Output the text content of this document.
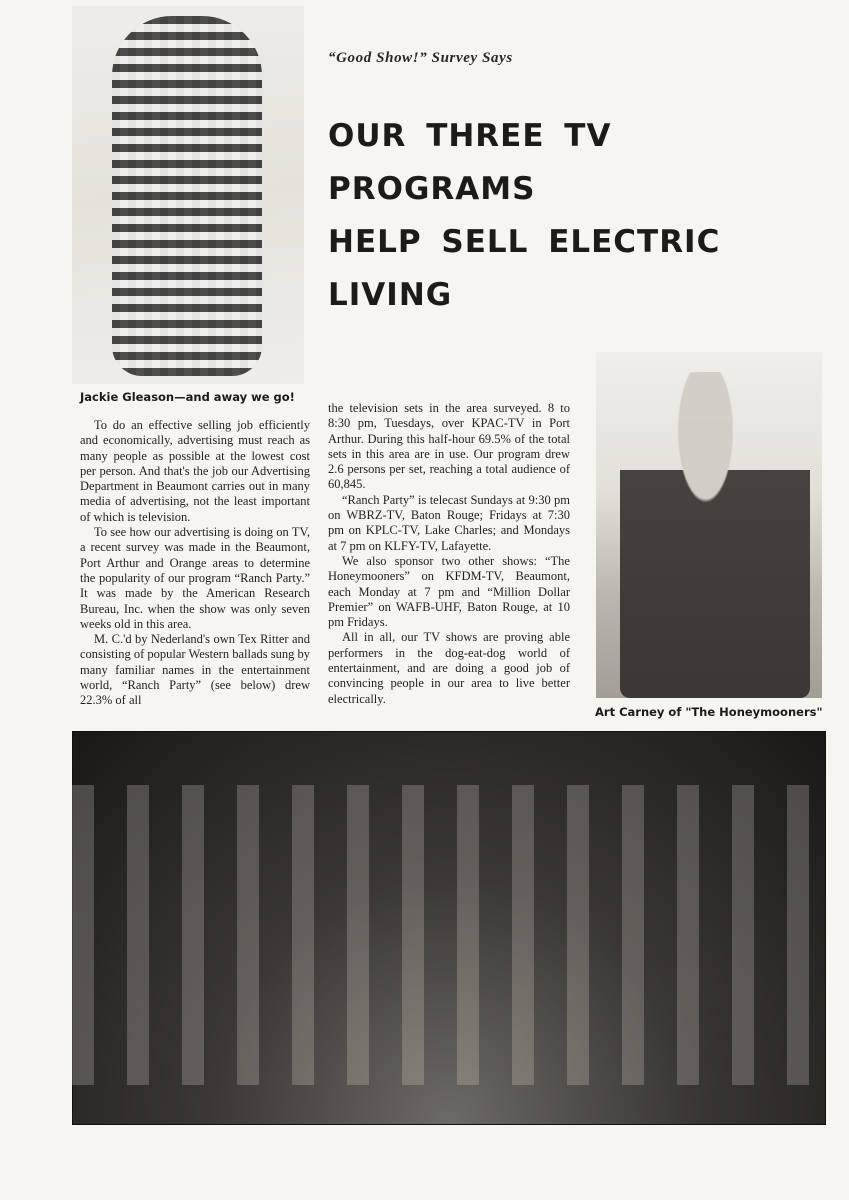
“Good Show!” Survey Says

OUR THREE TV PROGRAMS
HELP SELL ELECTRIC LIVING

Jackie Gleason—and away we go!

To do an effective selling job efficiently and economically, advertising must reach as many people as possible at the lowest cost per person. And that's the job our Advertising Department in Beaumont carries out in many media of advertising, not the least important of which is television.

To see how our advertising is doing on TV, a recent survey was made in the Beaumont, Port Arthur and Orange areas to determine the popularity of our program “Ranch Party.” It was made by the American Research Bureau, Inc. when the show was only seven weeks old in this area.

M. C.'d by Nederland's own Tex Ritter and consisting of popular Western ballads sung by many familiar names in the entertainment world, “Ranch Party” (see below) drew 22.3% of all

the television sets in the area surveyed. 8 to 8:30 pm, Tuesdays, over KPAC-TV in Port Arthur. During this half-hour 69.5% of the total sets in this area are in use. Our program drew 2.6 persons per set, reaching a total audience of 60,845.

“Ranch Party” is telecast Sundays at 9:30 pm on WBRZ-TV, Baton Rouge; Fridays at 7:30 pm on KPLC-TV, Lake Charles; and Mondays at 7 pm on KLFY-TV, Lafayette.

We also sponsor two other shows: “The Honeymooners” on KFDM-TV, Beaumont, each Monday at 7 pm and “Million Dollar Premier” on WAFB-UHF, Baton Rouge, at 10 pm Fridays.

All in all, our TV shows are proving able performers in the dog-eat-dog world of entertainment, and are doing a good job of convincing people in our area to live better electrically.

Art Carney of "The Honeymooners"
